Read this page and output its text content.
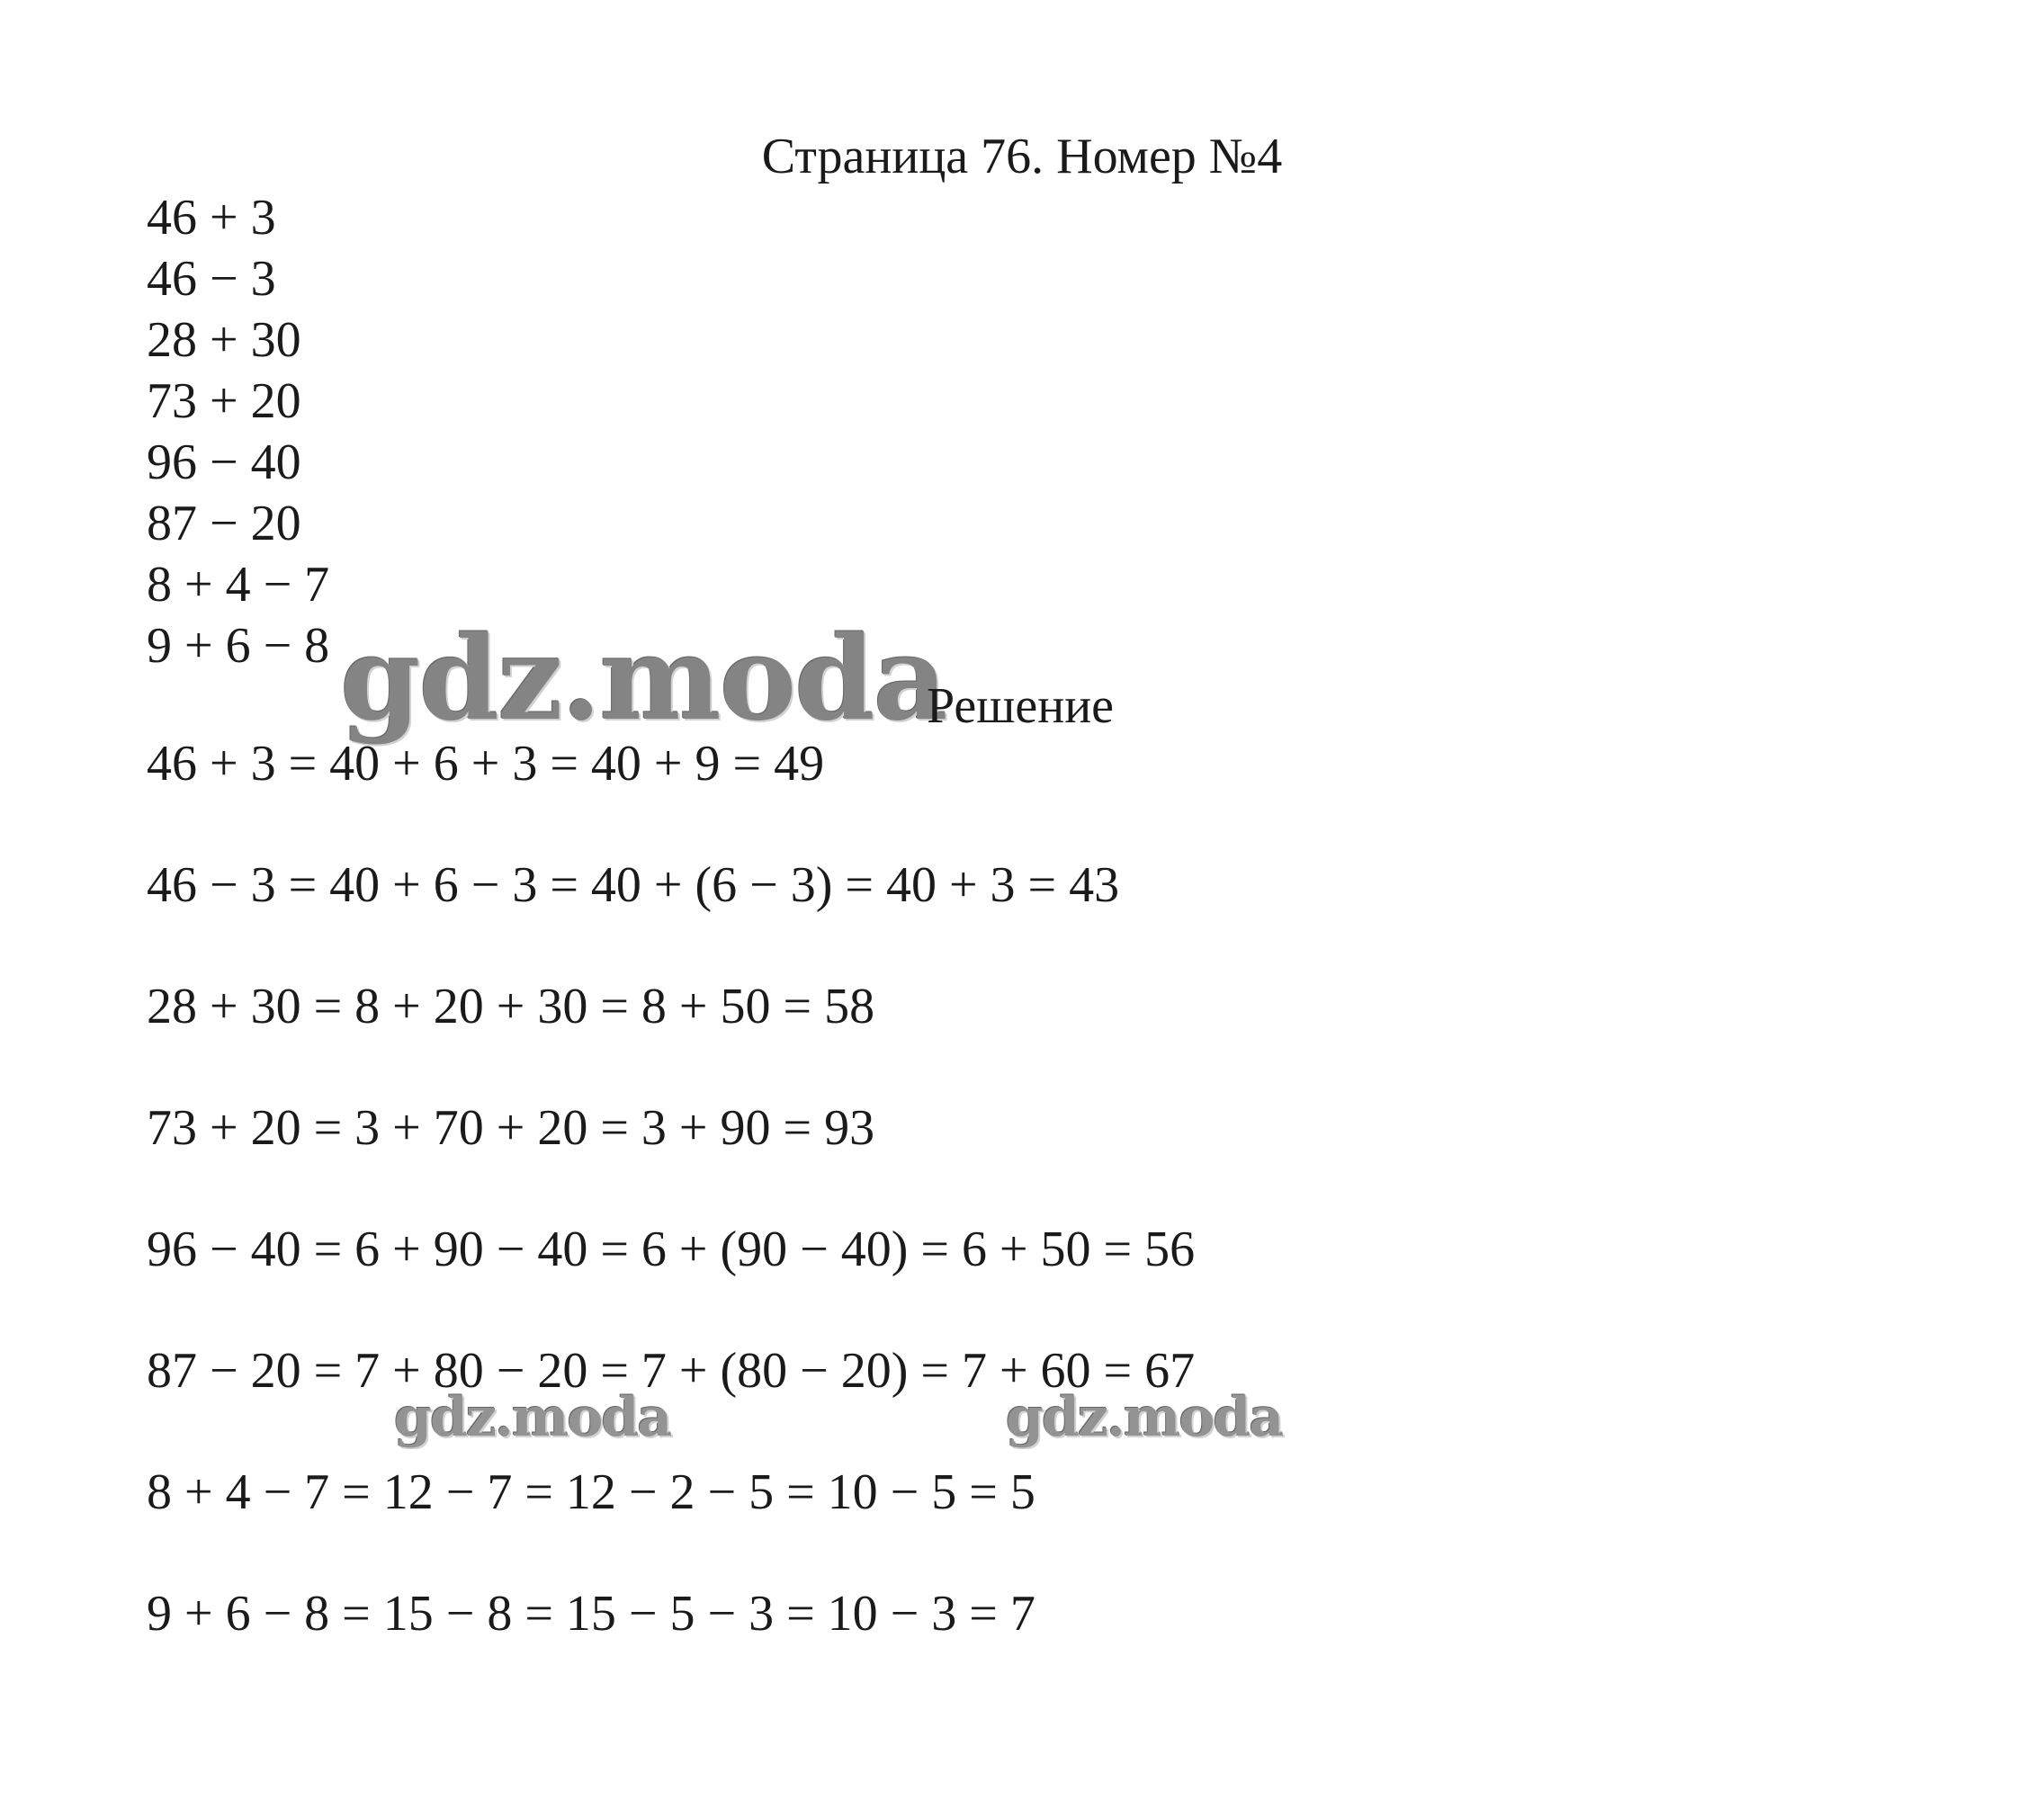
Страница 76. Номер №4
46 + 3
46 − 3
28 + 30
73 + 20
96 − 40
87 − 20
8 + 4 − 7
9 + 6 − 8 gdz.moda
Решение
46 + 3 = 40 + 6 + 3 = 40 + 9 = 49
46 − 3 = 40 + 6 − 3 = 40 + (6 − 3) = 40 + 3 = 43
28 + 30 = 8 + 20 + 30 = 8 + 50 = 58
73 + 20 = 3 + 70 + 20 = 3 + 90 = 93
96 − 40 = 6 + 90 − 40 = 6 + (90 − 40) = 6 + 50 = 56
87 − 20 = 7 + 80 − 20 = 7 + (80 − 20) = 7 + 60 = 67
8 + 4 − 7 = 12 − 7 = 12 − 2 − 5 = 10 − 5 = 5
9 + 6 − 8 = 15 − 8 = 15 − 5 − 3 = 10 − 3 = 7
gdz.moda	gdz.moda
